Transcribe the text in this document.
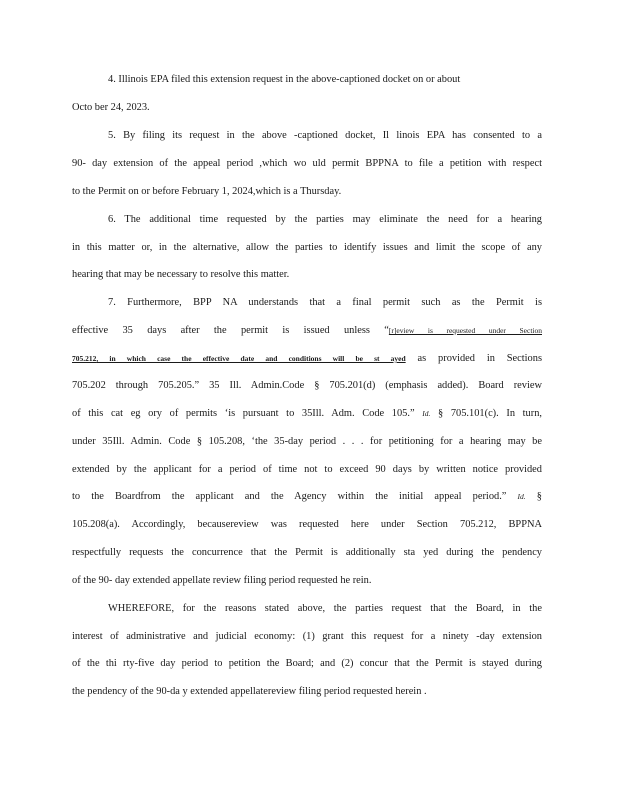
4. Illinois EPA filed this extension request in the above-captioned docket on or about
Octo ber 24, 2023.
5. By filing its request in the above -captioned docket, Il linois EPA has consented to a
90- day extension of the appeal period ,which wo uld permit BPPNA to file a petition with respect
to the Permit on or before February 1, 2024,which is a Thursday.
6. The additional time requested by the parties may eliminate the need for a hearing
in this matter or, in the alternative, allow the parties to identify issues and limit the scope of any
hearing that may be necessary to resolve this matter.
7. Furthermore, BPP NA understands that a final permit such as the Permit is
effective 35 days after the permit is issued unless “[r]eview is requested under Section
705.212, in which case the effective date and conditions will be st ayed as provided in Sections
705.202 through 705.205.” 35 Ill. Admin.Code § 705.201(d) (emphasis added). Board review
of this cat eg ory of permits ‘is pursuant to 35Ill. Adm. Code 105.” Id. § 705.101(c). In turn,
under 35Ill. Admin. Code § 105.208, ‘the 35-day period . . . for petitioning for a hearing may be
extended by the applicant for a period of time not to exceed 90 days by written notice provided
to the Boardfrom the applicant and the Agency within the initial appeal period.” Id. §
105.208(a). Accordingly, becausereview was requested here under Section 705.212, BPPNA
respectfully requests the concurrence that the Permit is additionally sta yed during the pendency
of the 90- day extended appellate review filing period requested he rein.
WHEREFORE, for the reasons stated above, the parties request that the Board, in the
interest of administrative and judicial economy: (1) grant this request for a ninety -day extension
of the thi rty-five day period to petition the Board; and (2) concur that the Permit is stayed during
the pendency of the 90-da y extended appellatereview filing period requested herein .
